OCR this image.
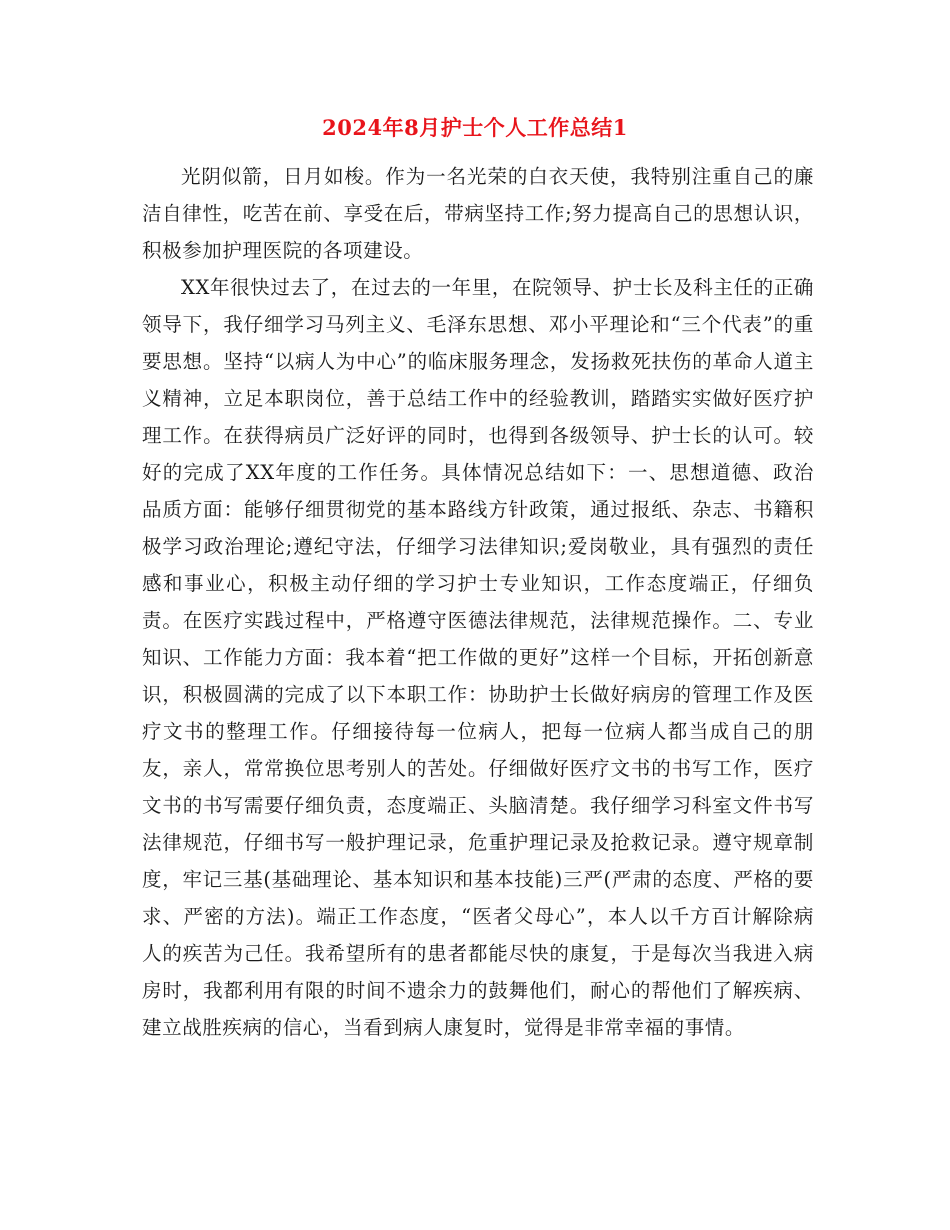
2024年8月护士个人工作总结1

光阴似箭，日月如梭。作为一名光荣的白衣天使，我特别注重自己的廉洁自律性，吃苦在前、享受在后，带病坚持工作;努力提高自己的思想认识，积极参加护理医院的各项建设。

XX年很快过去了，在过去的一年里，在院领导、护士长及科主任的正确领导下，我仔细学习马列主义、毛泽东思想、邓小平理论和“三个代表”的重要思想。坚持“以病人为中心”的临床服务理念，发扬救死扶伤的革命人道主义精神，立足本职岗位，善于总结工作中的经验教训，踏踏实实做好医疗护理工作。在获得病员广泛好评的同时，也得到各级领导、护士长的认可。较好的完成了XX年度的工作任务。具体情况总结如下：一、思想道德、政治品质方面：能够仔细贯彻党的基本路线方针政策，通过报纸、杂志、书籍积极学习政治理论;遵纪守法，仔细学习法律知识;爱岗敬业，具有强烈的责任感和事业心，积极主动仔细的学习护士专业知识，工作态度端正，仔细负责。在医疗实践过程中，严格遵守医德法律规范，法律规范操作。二、专业知识、工作能力方面：我本着“把工作做的更好”这样一个目标，开拓创新意识，积极圆满的完成了以下本职工作：协助护士长做好病房的管理工作及医疗文书的整理工作。仔细接待每一位病人，把每一位病人都当成自己的朋友，亲人，常常换位思考别人的苦处。仔细做好医疗文书的书写工作，医疗文书的书写需要仔细负责，态度端正、头脑清楚。我仔细学习科室文件书写法律规范，仔细书写一般护理记录，危重护理记录及抢救记录。遵守规章制度，牢记三基(基础理论、基本知识和基本技能)三严(严肃的态度、严格的要求、严密的方法)。端正工作态度，“医者父母心”，本人以千方百计解除病人的疾苦为己任。我希望所有的患者都能尽快的康复，于是每次当我进入病房时，我都利用有限的时间不遗余力的鼓舞他们，耐心的帮他们了解疾病、建立战胜疾病的信心，当看到病人康复时，觉得是非常幸福的事情。
